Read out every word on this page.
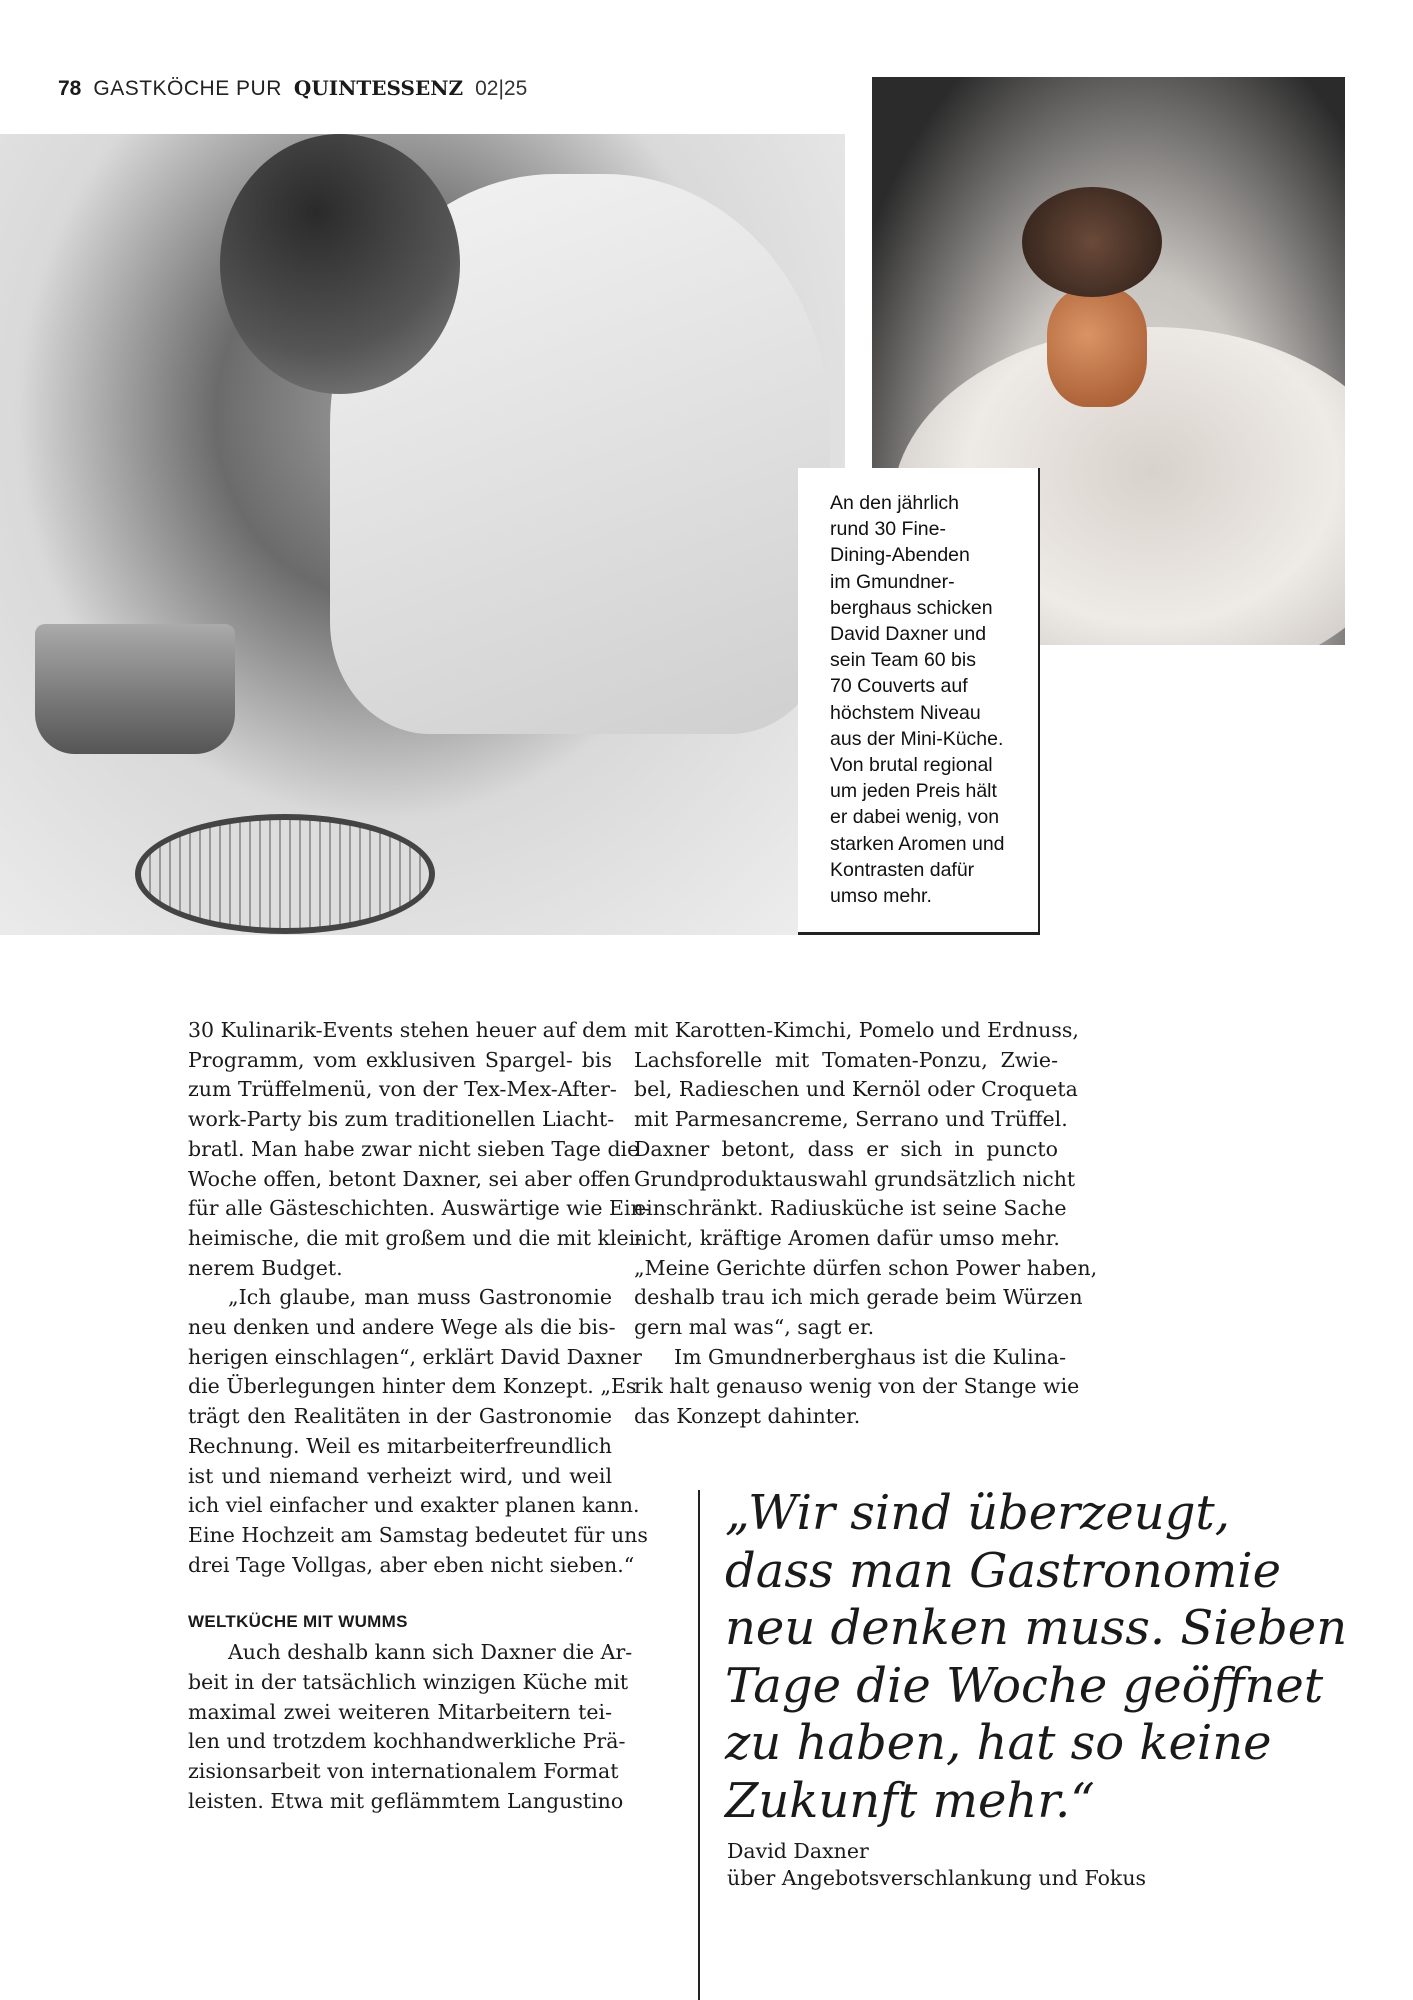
78 GASTKÖCHE PUR QUINTESSENZ 02|25
An den jährlich
rund 30 Fine-
Dining-Abenden
im Gmundner-
berghaus schicken
David Daxner und
sein Team 60 bis
70 Couverts auf
höchstem Niveau
aus der Mini-Küche.
Von brutal regional
um jeden Preis hält
er dabei wenig, von
starken Aromen und
Kontrasten dafür
umso mehr.
30 Kulinarik-Events stehen heuer auf dem
Programm, vom exklusiven Spargel- bis
zum Trüffelmenü, von der Tex-Mex-After-
work-Party bis zum traditionellen Liacht-
bratl. Man habe zwar nicht sieben Tage die
Woche offen, betont Daxner, sei aber offen
für alle Gästeschichten. Auswärtige wie Ein-
heimische, die mit großem und die mit klei-
nerem Budget.
„Ich glaube, man muss Gastronomie
neu denken und andere Wege als die bis-
herigen einschlagen“, erklärt David Daxner
die Überlegungen hinter dem Konzept. „Es
trägt den Realitäten in der Gastronomie
Rechnung. Weil es mitarbeiterfreundlich
ist und niemand verheizt wird, und weil
ich viel einfacher und exakter planen kann.
Eine Hochzeit am Samstag bedeutet für uns
drei Tage Vollgas, aber eben nicht sieben.“
WELTKÜCHE MIT WUMMS
Auch deshalb kann sich Daxner die Ar-
beit in der tatsächlich winzigen Küche mit
maximal zwei weiteren Mitarbeitern tei-
len und trotzdem kochhandwerkliche Prä-
zisionsarbeit von internationalem Format
leisten. Etwa mit geflämmtem Langustino
mit Karotten-Kimchi, Pomelo und Erdnuss,
Lachsforelle mit Tomaten-Ponzu, Zwie-
bel, Radieschen und Kernöl oder Croqueta
mit Parmesancreme, Serrano und Trüffel.
Daxner betont, dass er sich in puncto
Grundproduktauswahl grundsätzlich nicht
einschränkt. Radiusküche ist seine Sache
nicht, kräftige Aromen dafür umso mehr.
„Meine Gerichte dürfen schon Power haben,
deshalb trau ich mich gerade beim Würzen
gern mal was“, sagt er.
Im Gmundnerberghaus ist die Kulina-
rik halt genauso wenig von der Stange wie
das Konzept dahinter.
„Wir sind überzeugt,
dass man Gastronomie
neu denken muss. Sieben
Tage die Woche geöffnet
zu haben, hat so keine
Zukunft mehr.“
David Daxner
über Angebotsverschlankung und Fokus
